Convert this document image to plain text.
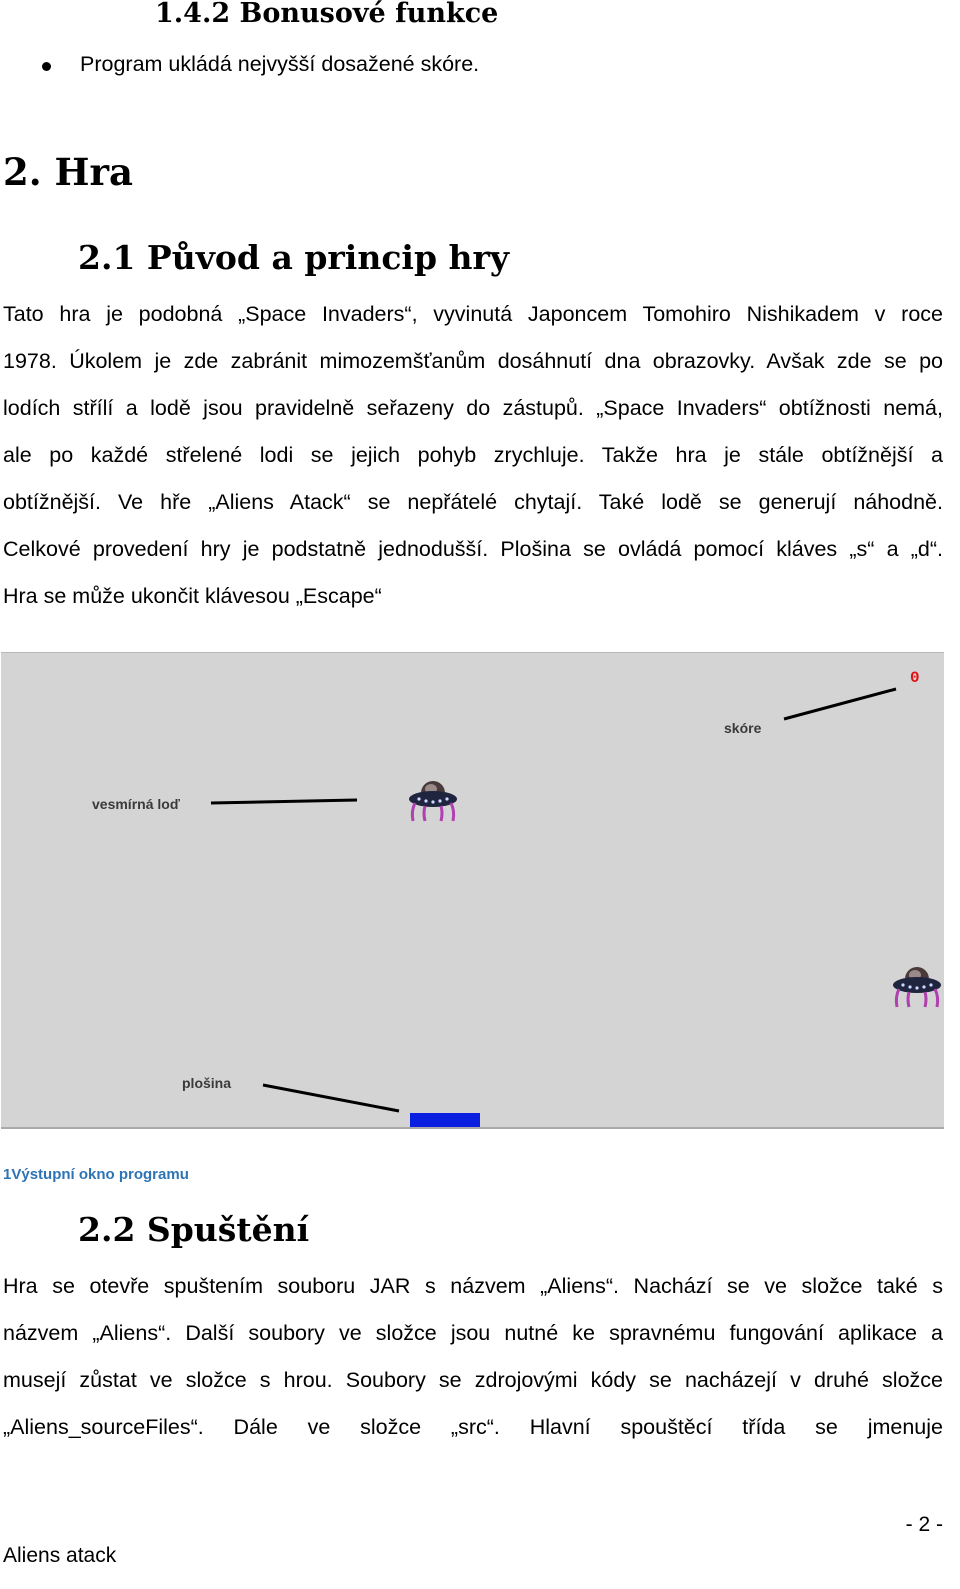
1.4.2 Bonusové funkce
Program ukládá nejvyšší dosažené skóre.
2. Hra
2.1 Původ a princip hry
Tato hra je podobná „Space Invaders“, vyvinutá Japoncem Tomohiro Nishikadem v roce
1978. Úkolem je zde zabránit mimozemšťanům dosáhnutí dna obrazovky. Avšak zde se po
lodích střílí a lodě jsou pravidelně seřazeny do zástupů. „Space Invaders“ obtížnosti nemá,
ale po každé střelené lodi se jejich pohyb zrychluje. Takže hra je stále obtížnější a
obtížnější. Ve hře „Aliens Atack“ se nepřátelé chytají. Také lodě se generují náhodně.
Celkové provedení hry je podstatně jednodušší. Plošina se ovládá pomocí kláves „s“ a „d“.
Hra se může ukončit klávesou „Escape“
0
skóre
vesmírná loď
plošina
1Výstupní okno programu
2.2 Spuštění
Hra se otevře spuštením souboru JAR s názvem „Aliens“. Nachází se ve složce také s
názvem „Aliens“. Další soubory ve složce jsou nutné ke spravnému fungování aplikace a
musejí zůstat ve složce s hrou. Soubory se zdrojovými kódy se nacházejí v druhé složce
„Aliens_sourceFiles“. Dále ve složce „src“. Hlavní spouštěcí třída se jmenuje
- 2 -
Aliens atack
